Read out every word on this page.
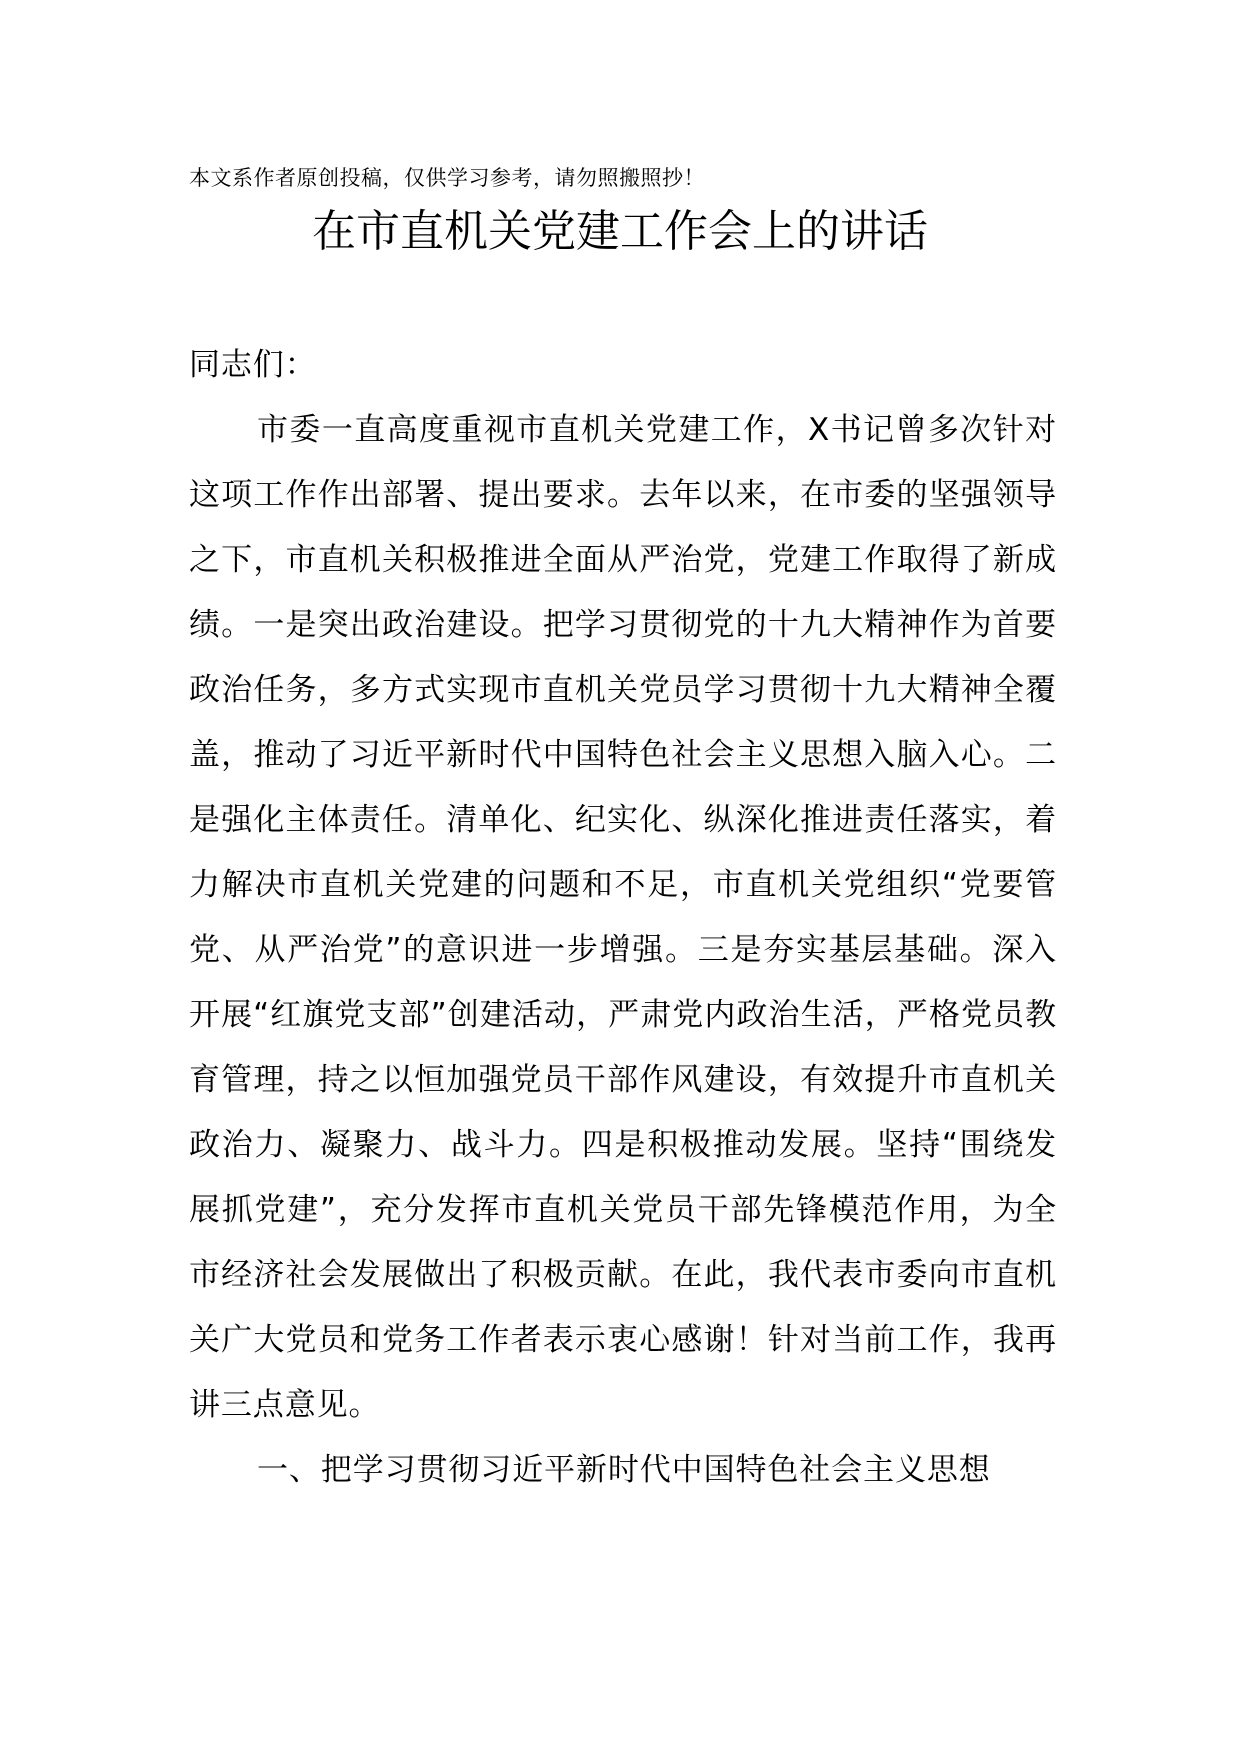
本文系作者原创投稿，仅供学习参考，请勿照搬照抄！
在市直机关党建工作会上的讲话

同志们：

市委一直高度重视市直机关党建工作，X书记曾多次针对这项工作作出部署、提出要求。去年以来，在市委的坚强领导之下，市直机关积极推进全面从严治党，党建工作取得了新成绩。一是突出政治建设。把学习贯彻党的十九大精神作为首要政治任务，多方式实现市直机关党员学习贯彻十九大精神全覆盖，推动了习近平新时代中国特色社会主义思想入脑入心。二是强化主体责任。清单化、纪实化、纵深化推进责任落实，着力解决市直机关党建的问题和不足，市直机关党组织“党要管党、从严治党”的意识进一步增强。三是夯实基层基础。深入开展“红旗党支部”创建活动，严肃党内政治生活，严格党员教育管理，持之以恒加强党员干部作风建设，有效提升市直机关政治力、凝聚力、战斗力。四是积极推动发展。坚持“围绕发展抓党建”，充分发挥市直机关党员干部先锋模范作用，为全市经济社会发展做出了积极贡献。在此，我代表市委向市直机关广大党员和党务工作者表示衷心感谢！针对当前工作，我再讲三点意见。

一、把学习贯彻习近平新时代中国特色社会主义思想
